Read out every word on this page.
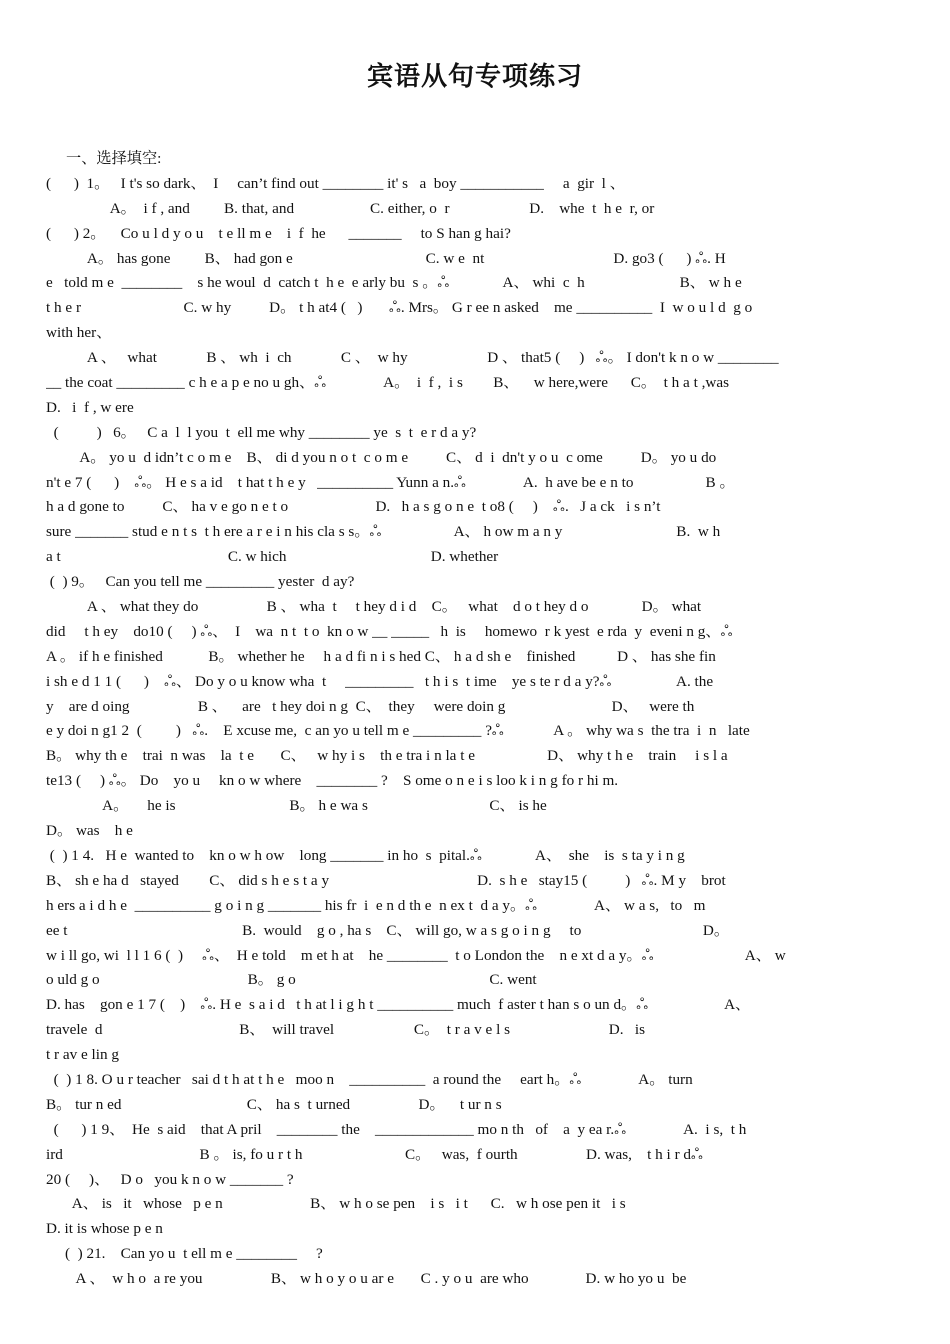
宾语从句专项练习
一、选择填空:
(      )  1。   I t's so dark、  I     can’t find out ________ it' s   a  boy ___________     a  gir  l 、
A。  i f , and         B. that, and                    C. either, o  r                     D.    whe  t  h e  r, or
(      ) 2。    Co u l d y o u    t e ll m e    i  f  he      _______     to S han g hai?
A。 has gone         B、 had gon e                                   C. w e  nt                                  D. go3 (      ) ஃ. H
e   told m e  ________    s he woul  d  catch t  h e  e arly bu  s 。ஃ              A、 whi  c  h                         B、 w h e
t h e r                           C. w hy          D。 t h at4 (   )       ஃ. Mrs。 G r ee n asked    me __________  I  w o u l d  g o
with her、
A 、   what             B 、 wh  i  ch             C 、  w hy                     D 、 that5 (     )   ஃ。 I don't k n o w ________
__ the coat _________ c h e a p e no u gh、ஃ               A。  i  f ,  i s        B、    w here,were      C。  t h a t ,was
D.   i  f , w ere
(          )   6。   C a  l  l you  t  ell me why ________ ye  s  t  e r d a y?
A。 yo u  d idn’t c o m e    B、 di d you n o t  c o m e          C、 d  i  dn't y o u  c ome          D。 yo u do
n't e 7 (      )    ஃ。 H e s a id    t hat t h e y   __________ Yunn a n.ஃ               A.  h ave be e n to                   B 。
h a d gone to          C、 ha v e go n e t o                       D.   h a s g o n e  t o8 (     )    ஃ.   J a ck   i s n’t
sure _______ stud e n t s  t h ere a r e i n his cla s s。ஃ                   A、 h ow m a n y                              B.  w h
a t                                            C. w hich                                      D. whether
(  ) 9。   Can you tell me _________ yester  d ay?
A 、 what they do                  B 、 wha  t     t hey d i d    C。   what    d o t hey d o              D。 what
did     t h ey    do10 (     ) ஃ、  I    wa  n t  t o  kn o w __ _____   h  is     homewo  r k yest  e rda  y  eveni n g、ஃ
A 。 if h e finished            B。 whether he     h a d fi n i s hed C、 h a d sh e    finished           D 、 has she fin
i sh e d 1 1 (      )    ஃ、 Do y o u know wha  t     _________   t h i s  t ime    ye s te r d a y?ஃ                 A. the
y    are d oing                  B 、    are   t hey doi n g  C、  they     were doin g                            D、   were th
e y doi n g1 2  (         )   ஃ.    E xcuse me,  c an yo u tell m e _________ ?ஃ             A 。 why wa s  the tra  i  n   late
B。 why th e    trai  n was    la  t e       C、   w hy i s    th e tra i n la t e                   D、 why t h e    train     i s l a
te13 (     ) ஃ。 Do    yo u     kn o w where    ________ ?    S ome o n e i s loo k i n g fo r hi m.
A。     he is                              B。 h e wa s                                C、 is he
D。 was    h e
(  ) 1 4.   H e  wanted to    kn o w h ow    long _______ in ho  s  pital.ஃ              A、  she    is  s ta y i n g
B、 sh e ha d   stayed        C、 did s h e s t a y                                       D.  s h e   stay15 (          )   ஃ. M y    brot
h ers a i d h e  __________ g o i n g _______ his fr  i  e n d th e  n ex t  d a y。ஃ               A、 w a s,   to   m
ee t                                              B.  would    g o , ha s    C、 will go, w a s g o i n g     to                                D。
w i ll go, wi  l l 1 6 (  )     ஃ、  H e told    m et h at    he ________  t o London the    n e xt d a y。ஃ                        A、 w
o uld g o                                       B。 g o                                                   C. went
D. has    gon e 1 7 (    )    ஃ. H e  s a i d   t h at l i g h t __________ much  f aster t han s o un d。ஃ                    A、
travele  d                                    B、  will travel                     C。  t r a v e l s                          D.   is
t r av e lin g
(  ) 1 8. O u r teacher   sai d t h at t h e   moo n    __________  a round the     eart h。ஃ               A。 turn
B。 tur n ed                                 C、 ha s  t urned                  D。    t ur n s
(      ) 1 9、  He  s aid    that A pril    ________ the    _____________ mo n th   of    a  y ea r.ஃ               A.  i s,  t h
ird                                    B 。 is, fo u r t h                           C。   was,  f ourth                  D. was,    t h i r dஃ
20 (     )、   D o   you k n o w _______ ?
A、 is   it   whose   p e n                       B、 w h o se pen    i s   i t      C.   w h ose pen it   i s
D. it is whose p e n
(  ) 21.    Can yo u  t ell m e ________     ?
A 、  w h o  a re you                  B、 w h o y o u ar e       C . y o u  are who               D. w ho yo u  be
